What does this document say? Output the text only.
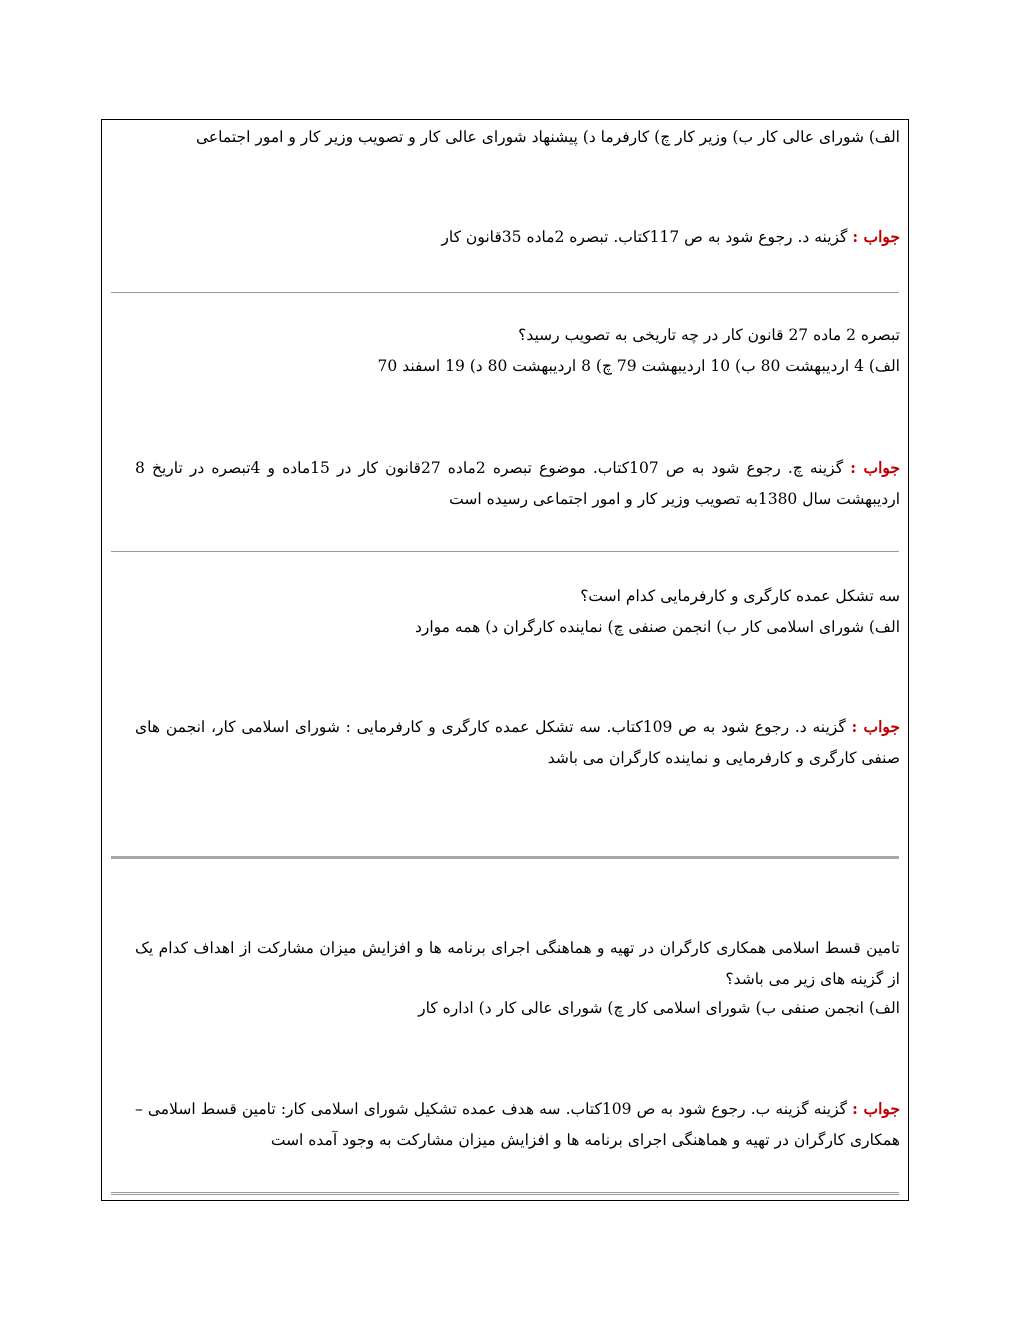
الف) شورای عالی کار ب) وزیر کار چ) کارفرما د) پیشنهاد شورای عالی کار و تصویب وزیر کار و امور اجتماعی
جواب : گزینه د. رجوع شود به ص 117کتاب. تبصره 2ماده 35قانون کار
تبصره 2 ماده 27 قانون کار در چه تاریخی به تصویب رسید؟
الف) 4 اردیبهشت 80 ب) 10 اردیبهشت 79 چ) 8 اردیبهشت 80 د) 19 اسفند 70
جواب : گزینه چ. رجوع شود به ص 107کتاب. موضوع تبصره 2ماده 27قانون کار در 15ماده و 4تبصره در تاریخ 8 اردیبهشت سال 1380به تصویب وزیر کار و امور اجتماعی رسیده است
سه تشکل عمده کارگری و کارفرمایی کدام است؟
الف) شورای اسلامی کار ب) انجمن صنفی چ) نماینده کارگران د) همه موارد
جواب : گزینه د. رجوع شود به ص 109کتاب. سه تشکل عمده کارگری و کارفرمایی : شورای اسلامی کار، انجمن های صنفی کارگری و کارفرمایی و نماینده کارگران می باشد
تامین قسط اسلامی همکاری کارگران در تهیه و هماهنگی اجرای برنامه ها و افزایش میزان مشارکت از اهداف کدام یک از گزینه های زیر می باشد؟
الف) انجمن صنفی ب) شورای اسلامی کار چ) شورای عالی کار د) اداره کار
جواب : گزینه گزینه ب. رجوع شود به ص 109کتاب. سه هدف عمده تشکیل شورای اسلامی کار: تامین قسط اسلامی –همکاری کارگران در تهیه و هماهنگی اجرای برنامه ها و افزایش میزان مشارکت به وجود آمده است
